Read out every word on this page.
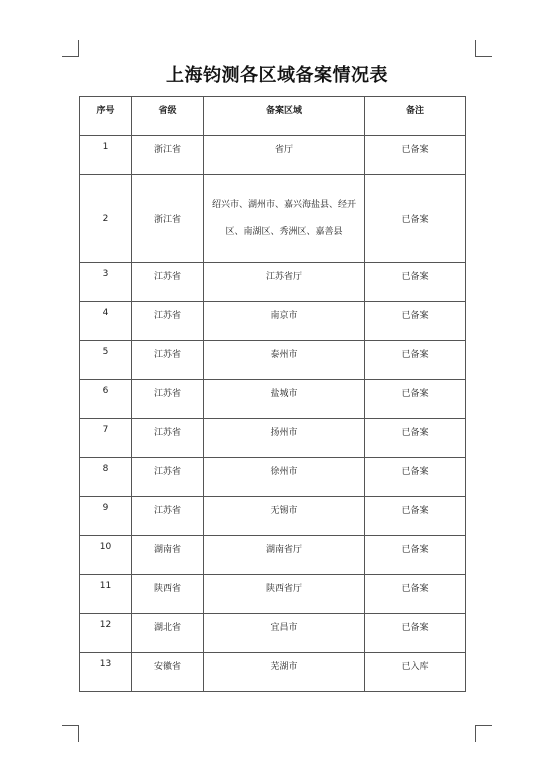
上海钧测各区域备案情况表
序号	省级	备案区域	备注
1	浙江省	省厅	已备案
2	浙江省	绍兴市、湖州市、嘉兴海盐县、经开区、南湖区、秀洲区、嘉善县	已备案
3	江苏省	江苏省厅	已备案
4	江苏省	南京市	已备案
5	江苏省	泰州市	已备案
6	江苏省	盐城市	已备案
7	江苏省	扬州市	已备案
8	江苏省	徐州市	已备案
9	江苏省	无锡市	已备案
10	湖南省	湖南省厅	已备案
11	陕西省	陕西省厅	已备案
12	湖北省	宜昌市	已备案
13	安徽省	芜湖市	已入库
